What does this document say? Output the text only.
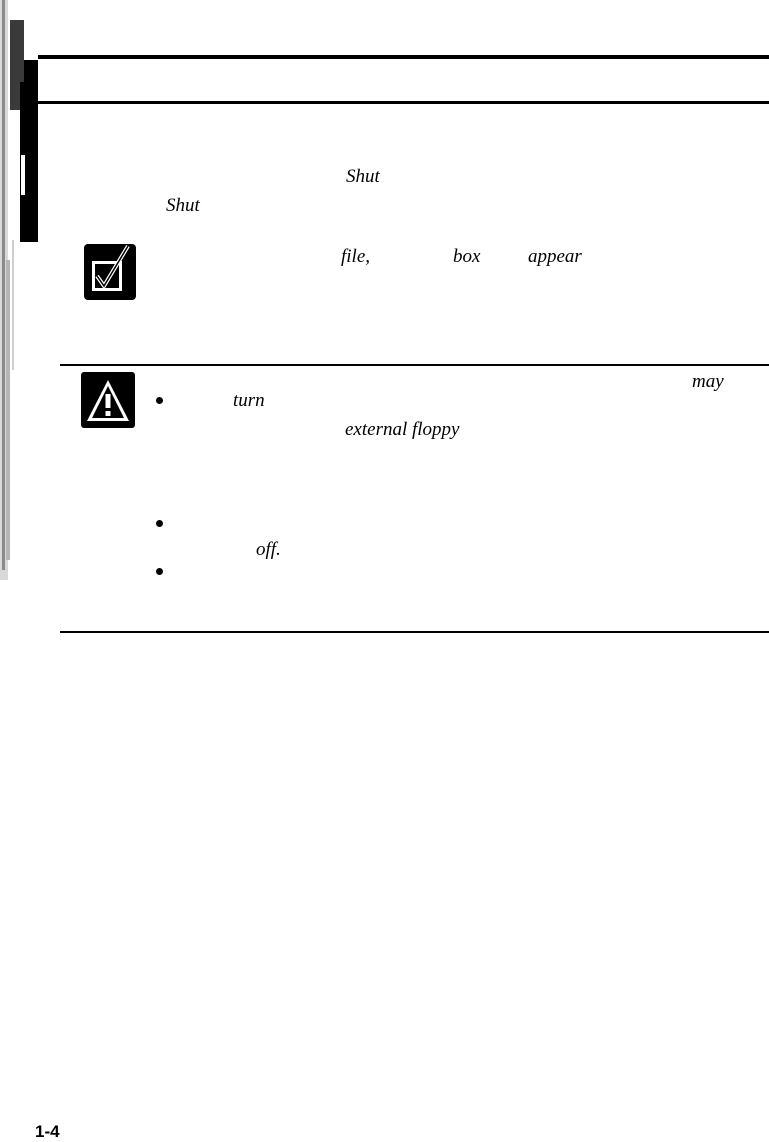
Shut
Shut
file,	box	appear
may
turn
external floppy
off.
1-4
